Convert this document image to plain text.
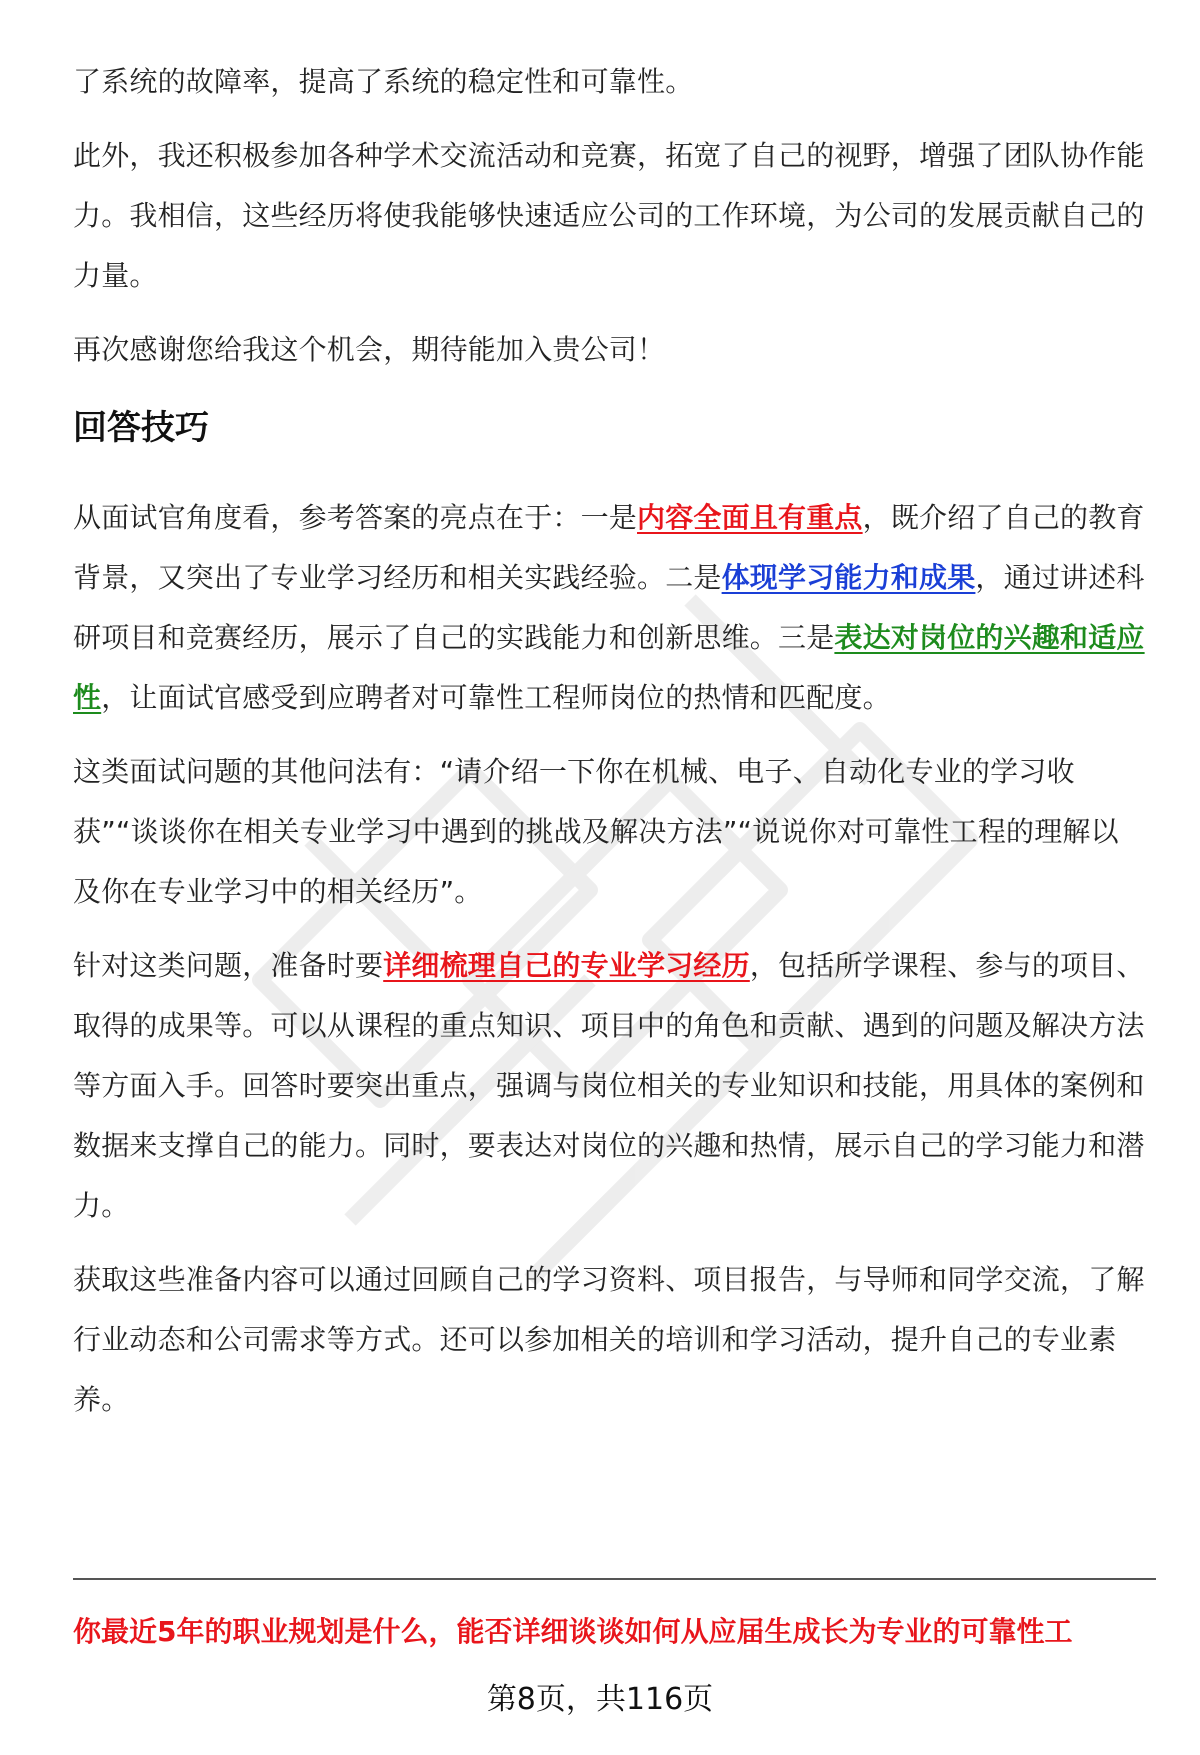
了系统的故障率，提高了系统的稳定性和可靠性。

此外，我还积极参加各种学术交流活动和竞赛，拓宽了自己的视野，增强了团队协作能力。我相信，这些经历将使我能够快速适应公司的工作环境，为公司的发展贡献自己的力量。

再次感谢您给我这个机会，期待能加入贵公司！

回答技巧

从面试官角度看，参考答案的亮点在于：一是内容全面且有重点，既介绍了自己的教育背景，又突出了专业学习经历和相关实践经验。二是体现学习能力和成果，通过讲述科研项目和竞赛经历，展示了自己的实践能力和创新思维。三是表达对岗位的兴趣和适应性，让面试官感受到应聘者对可靠性工程师岗位的热情和匹配度。

这类面试问题的其他问法有：“请介绍一下你在机械、电子、自动化专业的学习收获”“谈谈你在相关专业学习中遇到的挑战及解决方法”“说说你对可靠性工程的理解以及你在专业学习中的相关经历”。

针对这类问题，准备时要详细梳理自己的专业学习经历，包括所学课程、参与的项目、取得的成果等。可以从课程的重点知识、项目中的角色和贡献、遇到的问题及解决方法等方面入手。回答时要突出重点，强调与岗位相关的专业知识和技能，用具体的案例和数据来支撑自己的能力。同时，要表达对岗位的兴趣和热情，展示自己的学习能力和潜力。

获取这些准备内容可以通过回顾自己的学习资料、项目报告，与导师和同学交流，了解行业动态和公司需求等方式。还可以参加相关的培训和学习活动，提升自己的专业素养。

你最近5年的职业规划是什么，能否详细谈谈如何从应届生成长为专业的可靠性工
第8页，共116页
